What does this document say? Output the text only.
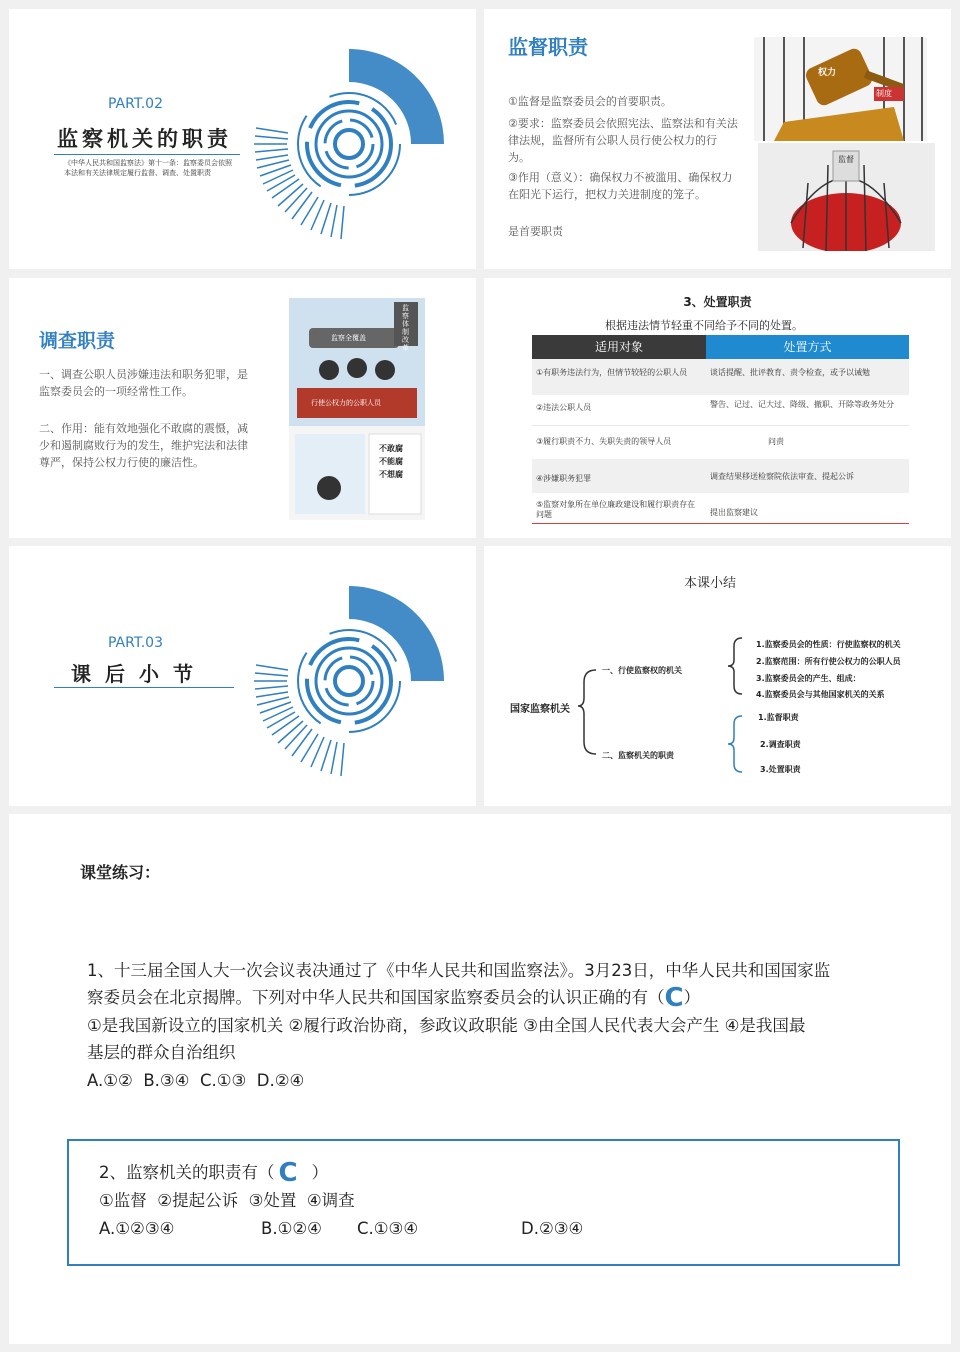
PART.02
监察机关的职责
《中华人民共和国监察法》第十一条：监察委员会依照本法和有关法律规定履行监督、调查、处置职责
监督职责
①监督是监察委员会的首要职责。
②要求：监察委员会依照宪法、监察法和有关法律法规，监督所有公职人员行使公权力的行为。
③作用（意义）：确保权力不被滥用、确保权力在阳光下运行，把权力关进制度的笼子。
是首要职责
权力
制度
监督
调查职责
一、调查公职人员涉嫌违法和职务犯罪，是监察委员会的一项经常性工作。
二、作用：能有效地强化不敢腐的震慑，减少和遏制腐败行为的发生，维护宪法和法律尊严，保持公权力行使的廉洁性。
监察体制改革
监察全覆盖
行使公权力的公职人员
不敢腐
不能腐
不想腐
3、处置职责
根据违法情节轻重不同给予不同的处置。
适用对象	处置方式
①有职务违法行为，但情节较轻的公职人员	谈话提醒、批评教育、责令检查，或予以诫勉
②违法公职人员	警告、记过、记大过、降级、撤职、开除等政务处分
③履行职责不力、失职失责的领导人员	问责
④涉嫌职务犯罪	调查结果移送检察院依法审查、提起公诉
⑤监察对象所在单位廉政建设和履行职责存在问题	提出监察建议
PART.03
课后小节
本课小结
国家监察机关
一、行使监察权的机关
二、监察机关的职责
1.监察委员会的性质：行使监察权的机关
2.监察范围：所有行使公权力的公职人员
3.监察委员会的产生、组成：
4.监察委员会与其他国家机关的关系
1.监督职责
2.调查职责
3.处置职责
课堂练习：
1、十三届全国人大一次会议表决通过了《中华人民共和国监察法》。3月23日，中华人民共和国国家监
察委员会在北京揭牌。下列对中华人民共和国国家监察委员会的认识正确的有（C）
①是我国新设立的国家机关 ②履行政治协商，参政议政职能 ③由全国人民代表大会产生 ④是我国最
基层的群众自治组织
A.①②  B.③④  C.①③  D.②④
2、监察机关的职责有（ C ）
①监督  ②提起公诉  ③处置  ④调查
A.①②③④	B.①②④ C.①③④	D.②③④
